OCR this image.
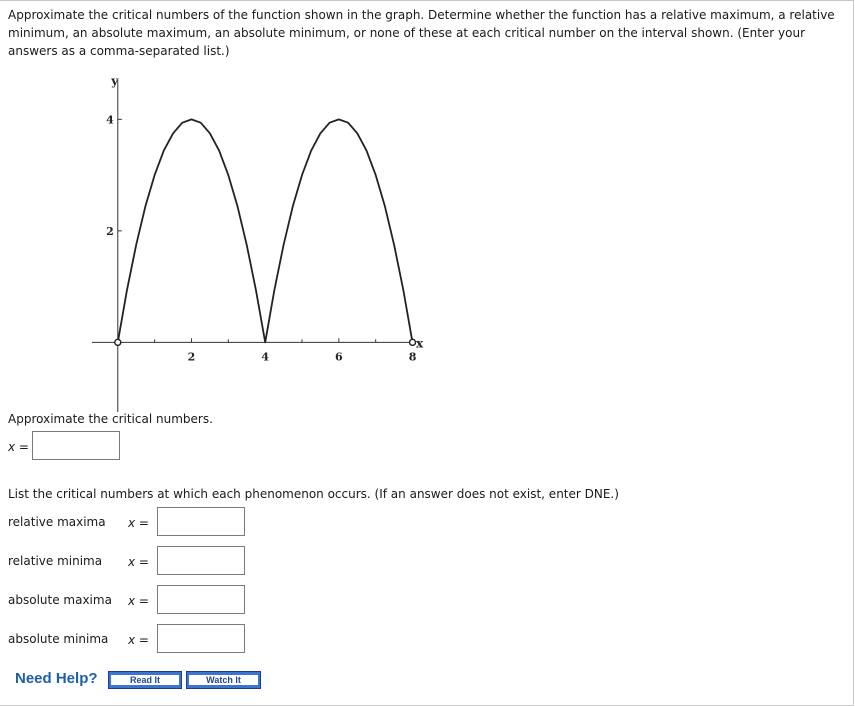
Approximate the critical numbers of the function shown in the graph. Determine whether the function has a relative maximum, a relative minimum, an absolute maximum, an absolute minimum, or none of these at each critical number on the interval shown. (Enter your answers as a comma-separated list.)

x
y
2	4	6	8
2
4

Approximate the critical numbers.

x =

List the critical numbers at which each phenomenon occurs. (If an answer does not exist, enter DNE.)

relative maxima x =
relative minima x =
absolute maxima x =
absolute minima x =
Need Help?	Read It	Watch It
